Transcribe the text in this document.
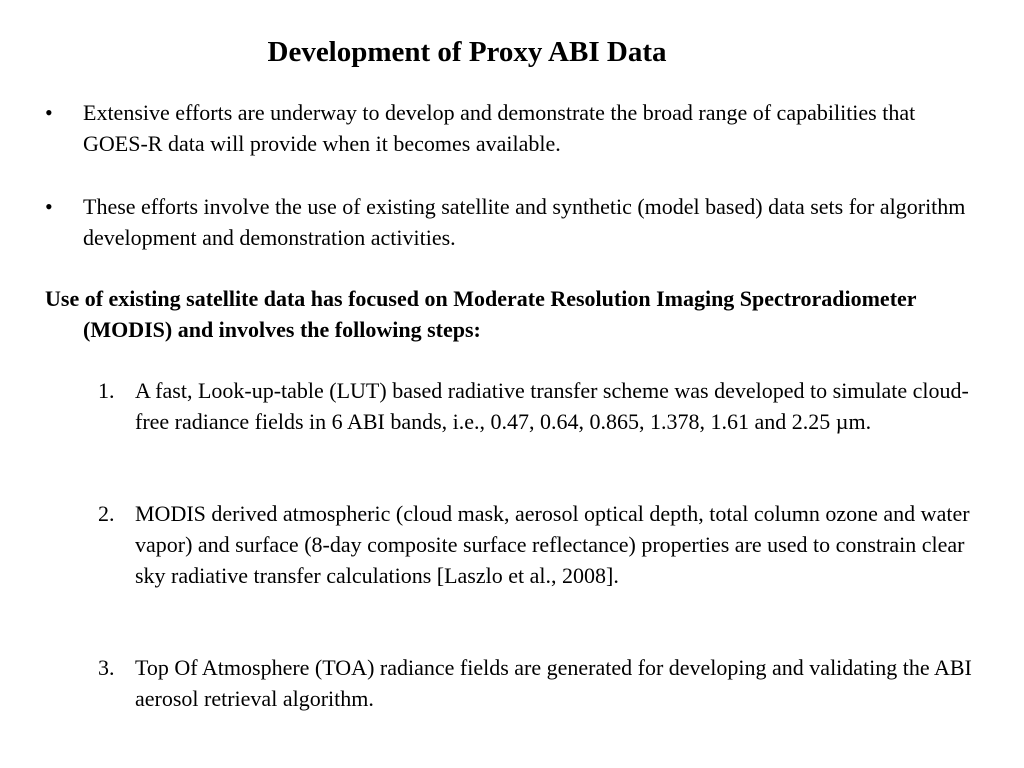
Development of Proxy ABI Data
• Extensive efforts are underway to develop and demonstrate the broad range of capabilities that GOES-R data will provide when it becomes available.
• These efforts involve the use of existing satellite and synthetic (model based) data sets for algorithm development and demonstration activities.
Use of existing satellite data has focused on Moderate Resolution Imaging Spectroradiometer (MODIS) and involves the following steps:
1. A fast, Look-up-table (LUT) based radiative transfer scheme was developed to simulate cloud-free radiance fields in 6 ABI bands, i.e., 0.47, 0.64, 0.865, 1.378, 1.61 and 2.25 µm.
2. MODIS derived atmospheric (cloud mask, aerosol optical depth, total column ozone and water vapor) and surface (8-day composite surface reflectance) properties are used to constrain clear sky radiative transfer calculations [Laszlo et al., 2008].
3. Top Of Atmosphere (TOA) radiance fields are generated for developing and validating the ABI aerosol retrieval algorithm.
